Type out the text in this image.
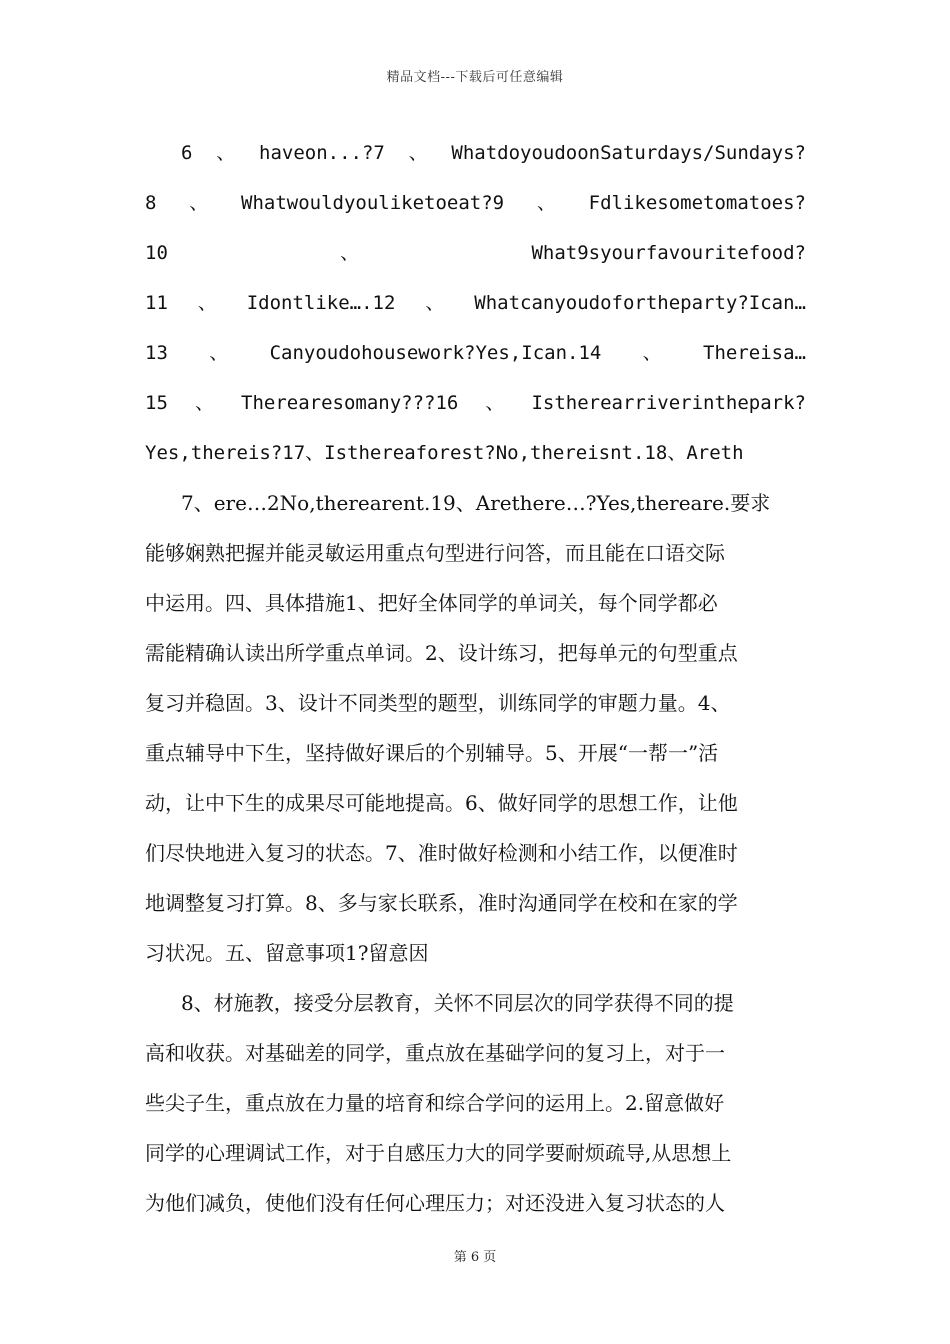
精品文档---下载后可任意编辑
6 、 haveon...?7 、 WhatdoyoudoonSaturdays/Sundays?
8 、 Whatwouldyouliketoeat?9 、 Fdlikesometomatoes?
10	、	What9syourfavouritefood?
11 、 Idontlike….12 、 Whatcanyoudofortheparty?Ican…
13 、 Canyoudohousework?Yes,Ican.14 、 Thereisa…
15 、 Therearesomany???16 、 Istherearriverinthepark?
Yes,thereis?17、Isthereaforest?No,thereisnt.18、Areth
7、ere…2No,therearent.19、Arethere…?Yes,thereare.要求
能够娴熟把握并能灵敏运用重点句型进行问答，而且能在口语交际
中运用。四、具体措施1、把好全体同学的单词关，每个同学都必
需能精确认读出所学重点单词。2、设计练习，把每单元的句型重点
复习并稳固。3、设计不同类型的题型，训练同学的审题力量。4、
重点辅导中下生，坚持做好课后的个别辅导。5、开展“一帮一”活
动，让中下生的成果尽可能地提高。6、做好同学的思想工作，让他
们尽快地进入复习的状态。7、准时做好检测和小结工作，以便准时
地调整复习打算。8、多与家长联系，准时沟通同学在校和在家的学
习状况。五、留意事项1?留意因
8、材施教，接受分层教育，关怀不同层次的同学获得不同的提
高和收获。对基础差的同学，重点放在基础学问的复习上，对于一
些尖子生，重点放在力量的培育和综合学问的运用上。2.留意做好
同学的心理调试工作，对于自感压力大的同学要耐烦疏导,从思想上
为他们减负，使他们没有任何心理压力；对还没进入复习状态的人
第 6 页
